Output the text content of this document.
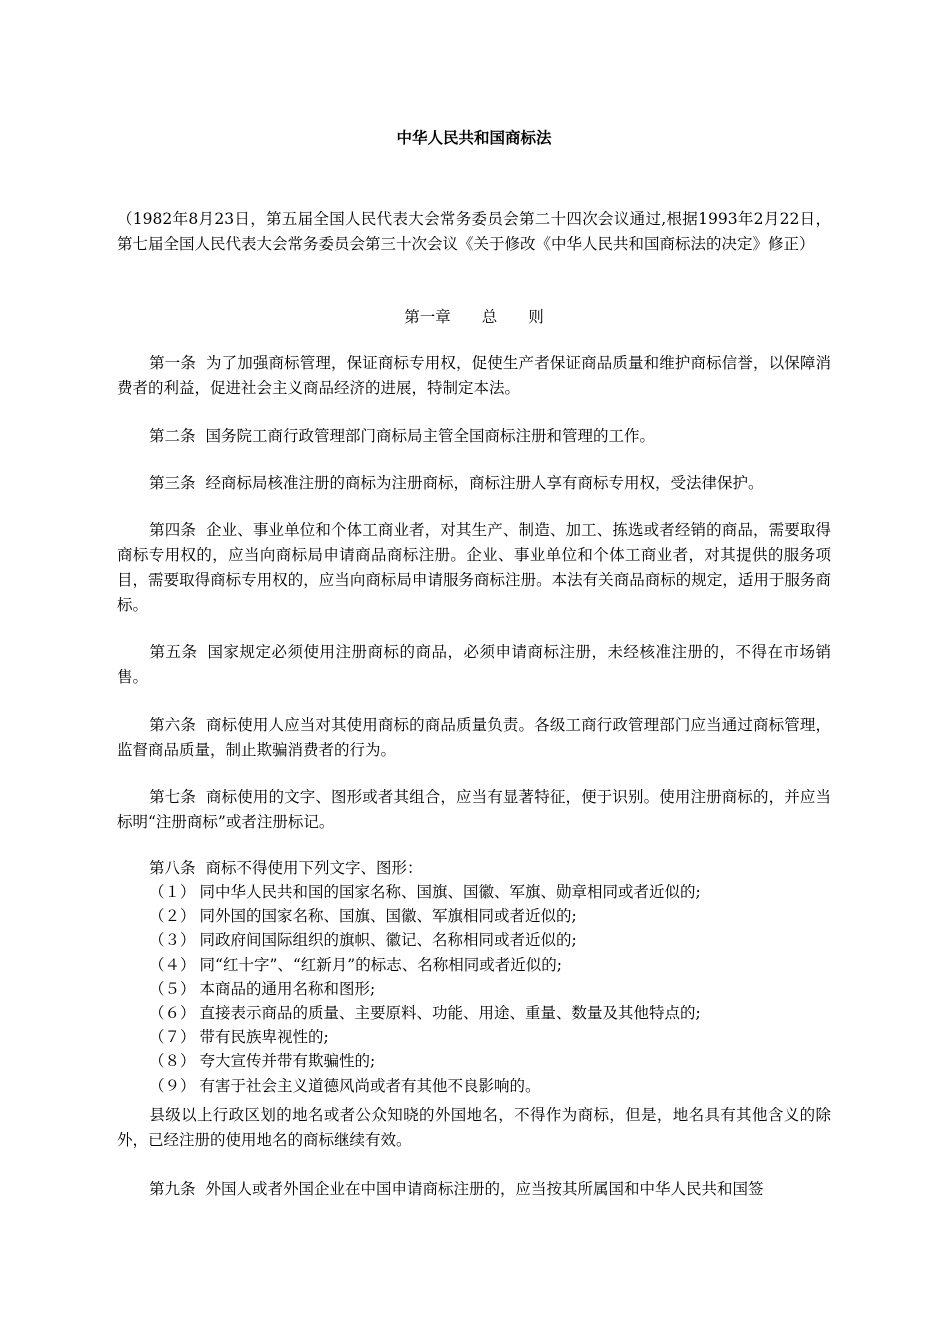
中华人民共和国商标法
（1982年8月23日，第五届全国人民代表大会常务委员会第二十四次会议通过,根据1993年2月22日，第七届全国人民代表大会常务委员会第三十次会议《关于修改《中华人民共和国商标法的决定》修正）
第一章 总 则
第一条 为了加强商标管理，保证商标专用权，促使生产者保证商品质量和维护商标信誉，以保障消费者的利益，促进社会主义商品经济的进展，特制定本法。
第二条 国务院工商行政管理部门商标局主管全国商标注册和管理的工作。
第三条 经商标局核准注册的商标为注册商标，商标注册人享有商标专用权，受法律保护。
第四条 企业、事业单位和个体工商业者，对其生产、制造、加工、拣选或者经销的商品，需要取得商标专用权的，应当向商标局申请商品商标注册。企业、事业单位和个体工商业者，对其提供的服务项目，需要取得商标专用权的，应当向商标局申请服务商标注册。本法有关商品商标的规定，适用于服务商标。
第五条 国家规定必须使用注册商标的商品，必须申请商标注册，未经核准注册的，不得在市场销售。
第六条 商标使用人应当对其使用商标的商品质量负责。各级工商行政管理部门应当通过商标管理，监督商品质量，制止欺骗消费者的行为。
第七条 商标使用的文字、图形或者其组合，应当有显著特征，便于识别。使用注册商标的，并应当标明“注册商标”或者注册标记。
第八条 商标不得使用下列文字、图形：
（１） 同中华人民共和国的国家名称、国旗、国徽、军旗、勋章相同或者近似的;
（２） 同外国的国家名称、国旗、国徽、军旗相同或者近似的;
（３） 同政府间国际组织的旗帜、徽记、名称相同或者近似的;
（４） 同“红十字”、“红新月”的标志、名称相同或者近似的;
（５） 本商品的通用名称和图形;
（６） 直接表示商品的质量、主要原料、功能、用途、重量、数量及其他特点的;
（７） 带有民族卑视性的;
（８） 夸大宣传并带有欺骗性的;
（９） 有害于社会主义道德风尚或者有其他不良影响的。
县级以上行政区划的地名或者公众知晓的外国地名，不得作为商标，但是，地名具有其他含义的除外，已经注册的使用地名的商标继续有效。
第九条 外国人或者外国企业在中国申请商标注册的，应当按其所属国和中华人民共和国签
